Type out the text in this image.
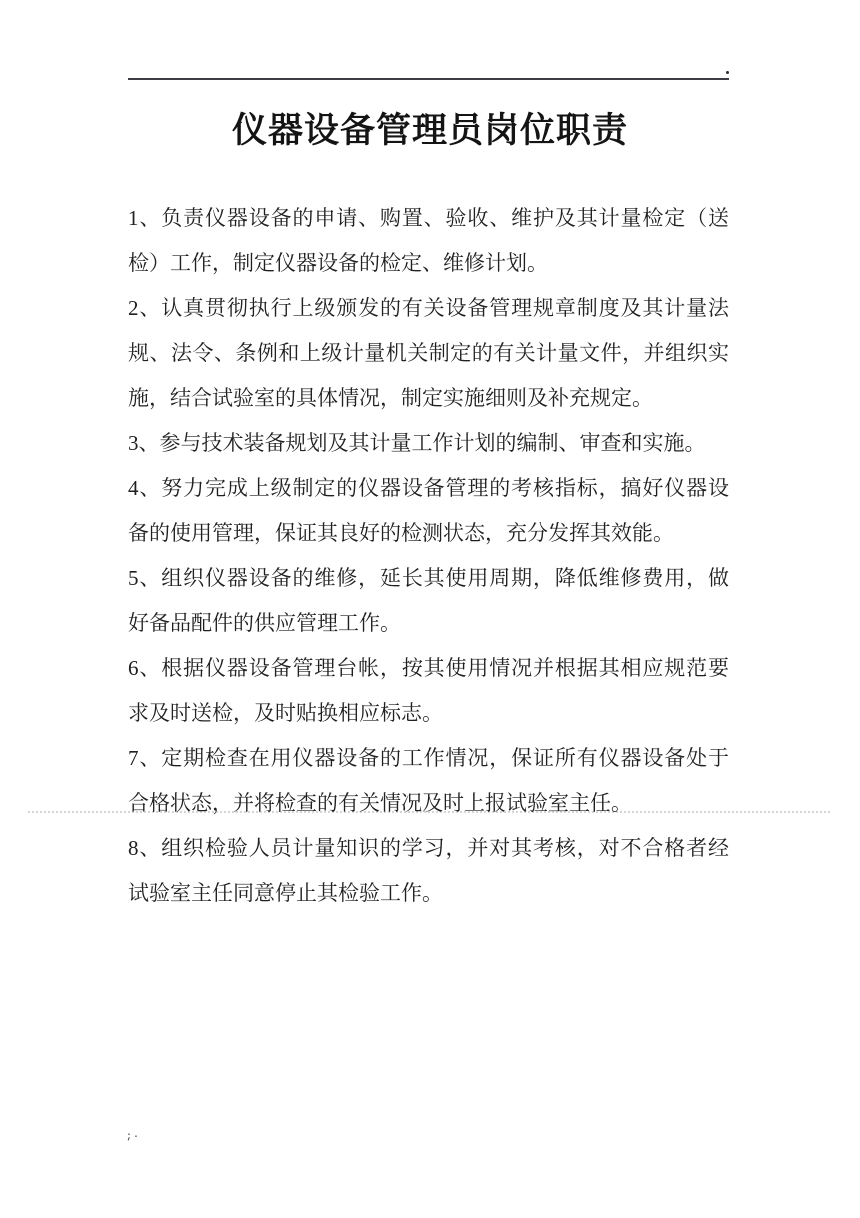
仪器设备管理员岗位职责
1、负责仪器设备的申请、购置、验收、维护及其计量检定（送
检）工作，制定仪器设备的检定、维修计划。
2、认真贯彻执行上级颁发的有关设备管理规章制度及其计量法
规、法令、条例和上级计量机关制定的有关计量文件，并组织实
施，结合试验室的具体情况，制定实施细则及补充规定。
3、参与技术装备规划及其计量工作计划的编制、审查和实施。
4、努力完成上级制定的仪器设备管理的考核指标，搞好仪器设
备的使用管理，保证其良好的检测状态，充分发挥其效能。
5、组织仪器设备的维修，延长其使用周期，降低维修费用，做
好备品配件的供应管理工作。
6、根据仪器设备管理台帐，按其使用情况并根据其相应规范要
求及时送检，及时贴换相应标志。
7、定期检查在用仪器设备的工作情况，保证所有仪器设备处于
合格状态，并将检查的有关情况及时上报试验室主任。
8、组织检验人员计量知识的学习，并对其考核，对不合格者经
试验室主任同意停止其检验工作。
;·
